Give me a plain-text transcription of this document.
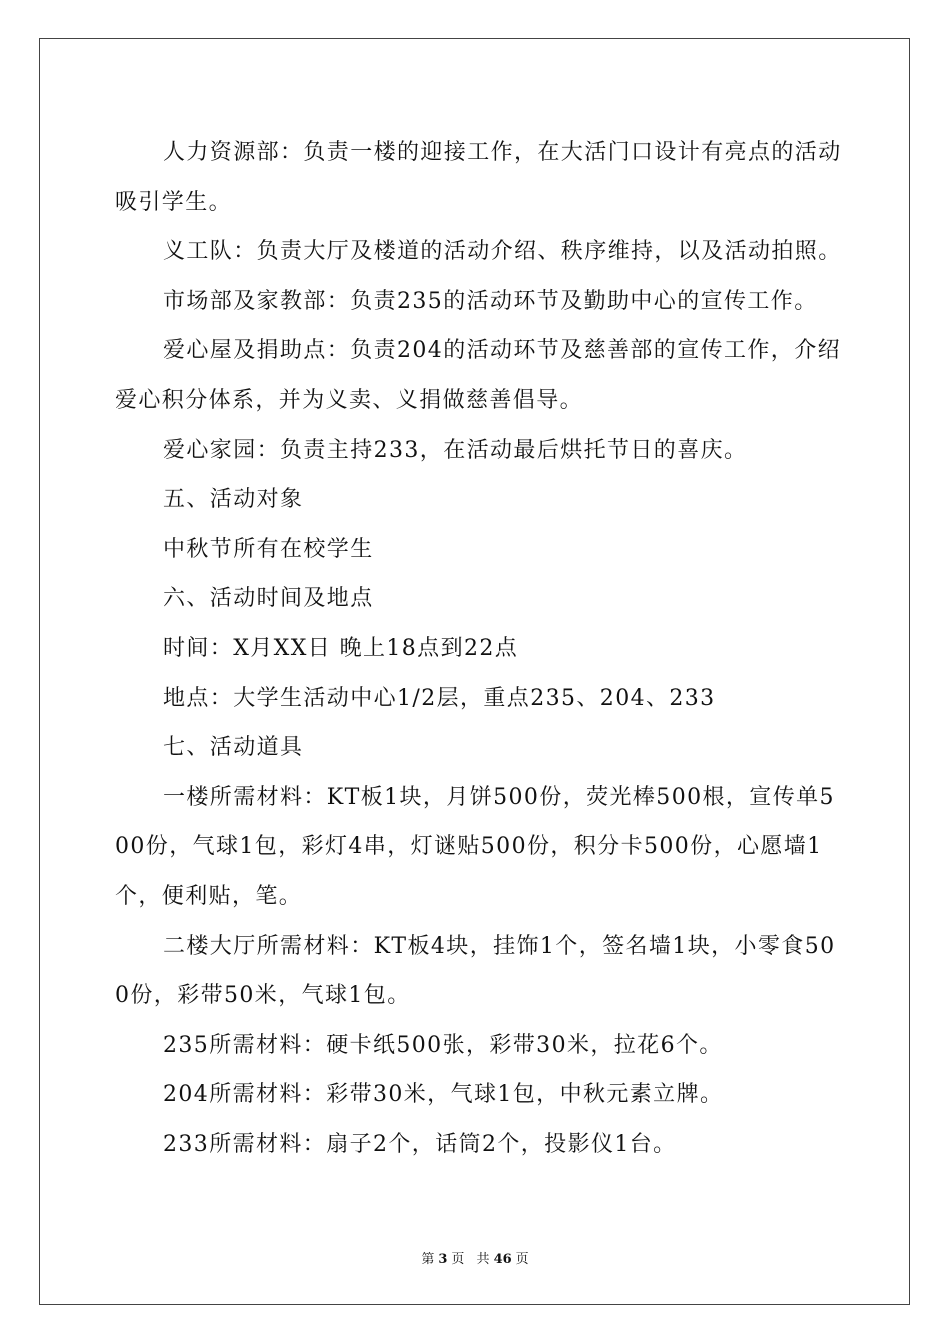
人力资源部：负责一楼的迎接工作，在大活门口设计有亮点的活动吸引学生。

义工队：负责大厅及楼道的活动介绍、秩序维持，以及活动拍照。

市场部及家教部：负责235的活动环节及勤助中心的宣传工作。

爱心屋及捐助点：负责204的活动环节及慈善部的宣传工作，介绍爱心积分体系，并为义卖、义捐做慈善倡导。

爱心家园：负责主持233，在活动最后烘托节日的喜庆。

五、活动对象

中秋节所有在校学生

六、活动时间及地点

时间：X月XX日 晚上18点到22点

地点：大学生活动中心1/2层，重点235、204、233

七、活动道具

一楼所需材料：KT板1块，月饼500份，荧光棒500根，宣传单500份，气球1包，彩灯4串，灯谜贴500份，积分卡500份，心愿墙1个，便利贴，笔。

二楼大厅所需材料：KT板4块，挂饰1个，签名墙1块，小零食500份，彩带50米，气球1包。

235所需材料：硬卡纸500张，彩带30米，拉花6个。

204所需材料：彩带30米，气球1包，中秋元素立牌。

233所需材料：扇子2个，话筒2个，投影仪1台。

第 3 页 共 46 页
